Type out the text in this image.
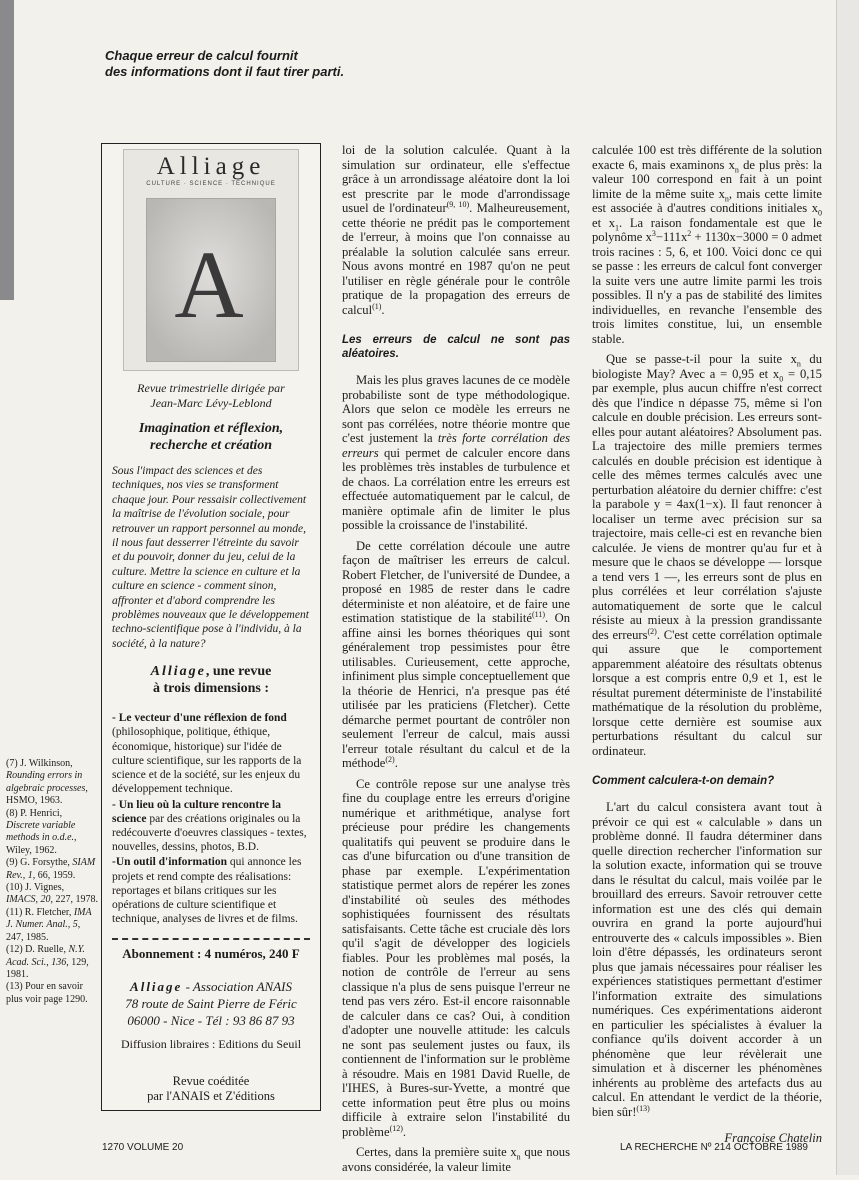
Chaque erreur de calcul fournit
des informations dont il faut tirer parti.
(7) J. Wilkinson, Rounding errors in algebraic processes, HSMO, 1963.
(8) P. Henrici, Discrete variable methods in o.d.e., Wiley, 1962.
(9) G. Forsythe, SIAM Rev., 1, 66, 1959.
(10) J. Vignes, IMACS, 20, 227, 1978.
(11) R. Fletcher, IMA J. Numer. Anal., 5, 247, 1985.
(12) D. Ruelle, N.Y. Acad. Sci., 136, 129, 1981.
(13) Pour en savoir plus voir page 1290.
Alliage
CULTURE · SCIENCE · TECHNIQUE
A
Revue trimestrielle dirigée par
Jean-Marc Lévy-Leblond
Imagination et réflexion,
recherche et création
Sous l'impact des sciences et des techniques, nos vies se transforment chaque jour. Pour ressaisir collectivement la maîtrise de l'évolution sociale, pour retrouver un rapport personnel au monde, il nous faut desserrer l'étreinte du savoir et du pouvoir, donner du jeu, celui de la culture. Mettre la science en culture et la culture en science - comment sinon, affronter et d'abord comprendre les problèmes nouveaux que le développement techno-scientifique pose à l'individu, à la société, à la nature?
Alliage, une revue
à trois dimensions :
- Le vecteur d'une réflexion de fond (philosophique, politique, éthique, économique, historique) sur l'idée de culture scientifique, sur les rapports de la science et de la société, sur les enjeux du développement technique.
- Un lieu où la culture rencontre la science par des créations originales ou la redécouverte d'oeuvres classiques - textes, nouvelles, dessins, photos, B.D.
-Un outil d'information qui annonce les projets et rend compte des réalisations: reportages et bilans critiques sur les opérations de culture scientifique et technique, analyses de livres et de films.
Abonnement : 4 numéros, 240 F
Alliage - Association ANAIS
78 route de Saint Pierre de Féric
06000 - Nice - Tél : 93 86 87 93
Diffusion libraires : Editions du Seuil
Revue coéditée
par l'ANAIS et Z'éditions

loi de la solution calculée. Quant à la simulation sur ordinateur, elle s'effectue grâce à un arrondissage aléatoire dont la loi est prescrite par le mode d'arrondissage usuel de l'ordinateur$^{(9, 10)}$. Malheureusement, cette théorie ne prédit pas le comportement de l'erreur, à moins que l'on connaisse au préalable la solution calculée sans erreur. Nous avons montré en 1987 qu'on ne peut l'utiliser en règle générale pour le contrôle pratique de la propagation des erreurs de calcul$^{(1)}$.

Les erreurs de calcul ne sont pas aléatoires.

Mais les plus graves lacunes de ce modèle probabiliste sont de type méthodologique. Alors que selon ce modèle les erreurs ne sont pas corrélées, notre théorie montre que c'est justement la très forte corrélation des erreurs qui permet de calculer encore dans les problèmes très instables de turbulence et de chaos. La corrélation entre les erreurs est effectuée automatiquement par le calcul, de manière optimale afin de limiter le plus possible la croissance de l'instabilité.

De cette corrélation découle une autre façon de maîtriser les erreurs de calcul. Robert Fletcher, de l'université de Dundee, a proposé en 1985 de rester dans le cadre déterministe et non aléatoire, et de faire une estimation statistique de la stabilité$^{(11)}$. On affine ainsi les bornes théoriques qui sont généralement trop pessimistes pour être utilisables. Curieusement, cette approche, infiniment plus simple conceptuellement que la théorie de Henrici, n'a presque pas été utilisée par les praticiens (Fletcher). Cette démarche permet pourtant de contrôler non seulement l'erreur de calcul, mais aussi l'erreur totale résultant du calcul et de la méthode$^{(2)}$.

Ce contrôle repose sur une analyse très fine du couplage entre les erreurs d'origine numérique et arithmétique, analyse fort précieuse pour prédire les changements qualitatifs qui peuvent se produire dans le cas d'une bifurcation ou d'une transition de phase par exemple. L'expérimentation statistique permet alors de repérer les zones d'instabilité où seules des méthodes sophistiquées fournissent des résultats satisfaisants. Cette tâche est cruciale dès lors qu'il s'agit de développer des logiciels fiables. Pour les problèmes mal posés, la notion de contrôle de l'erreur au sens classique n'a plus de sens puisque l'erreur ne tend pas vers zéro. Est-il encore raisonnable de calculer dans ce cas? Oui, à condition d'adopter une nouvelle attitude: les calculs ne sont pas seulement justes ou faux, ils contiennent de l'information sur le problème à résoudre. Mais en 1981 David Ruelle, de l'IHES, à Bures-sur-Yvette, a montré que cette information peut être plus ou moins difficile à extraire selon l'instabilité du problème$^{(12)}$.

Certes, dans la première suite $x_n$ que nous avons considérée, la valeur limite

calculée 100 est très différente de la solution exacte 6, mais examinons $x_n$ de plus près: la valeur 100 correspond en fait à un point limite de la même suite $x_n$, mais cette limite est associée à d'autres conditions initiales $x_0$ et $x_1$. La raison fondamentale est que le polynôme $x^3-111x^2 + 1130x-3000 = 0$ admet trois racines : 5, 6, et 100. Voici donc ce qui se passe : les erreurs de calcul font converger la suite vers une autre limite parmi les trois possibles. Il n'y a pas de stabilité des limites individuelles, en revanche l'ensemble des trois limites constitue, lui, un ensemble stable.

Que se passe-t-il pour la suite $x_n$ du biologiste May? Avec a = 0,95 et $x_0 = 0,15$ par exemple, plus aucun chiffre n'est correct dès que l'indice n dépasse 75, même si l'on calcule en double précision. Les erreurs sont-elles pour autant aléatoires? Absolument pas. La trajectoire des mille premiers termes calculés en double précision est identique à celle des mêmes termes calculés avec une perturbation aléatoire du dernier chiffre: c'est la parabole y = 4ax(1−x). Il faut renoncer à localiser un terme avec précision sur sa trajectoire, mais celle-ci est en revanche bien calculée. Je viens de montrer qu'au fur et à mesure que le chaos se développe — lorsque a tend vers 1 —, les erreurs sont de plus en plus corrélées et leur corrélation s'ajuste automatiquement de sorte que le calcul résiste au mieux à la pression grandissante des erreurs$^{(2)}$. C'est cette corrélation optimale qui assure que le comportement apparemment aléatoire des résultats obtenus lorsque a est compris entre 0,9 et 1, est le résultat purement déterministe de l'instabilité mathématique de la résolution du problème, lorsque cette dernière est soumise aux perturbations résultant du calcul sur ordinateur.

Comment calculera-t-on demain?

L'art du calcul consistera avant tout à prévoir ce qui est « calculable » dans un problème donné. Il faudra déterminer dans quelle direction rechercher l'information sur la solution exacte, information qui se trouve dans le résultat du calcul, mais voilée par le brouillard des erreurs. Savoir retrouver cette information est une des clés qui demain ouvrira en grand la porte aujourd'hui entrouverte des « calculs impossibles ». Bien loin d'être dépassés, les ordinateurs seront plus que jamais nécessaires pour réaliser les expériences statistiques permettant d'estimer l'information extraite des simulations numériques. Ces expérimentations aideront en particulier les spécialistes à évaluer la confiance qu'ils doivent accorder à un phénomène que leur révèlerait une simulation et à discerner les phénomènes inhérents au problème des artefacts dus au calcul. En attendant le verdict de la théorie, bien sûr!$^{(13)}$

Françoise Chatelin
1270 VOLUME 20	LA RECHERCHE Nº 214 OCTOBRE 1989
